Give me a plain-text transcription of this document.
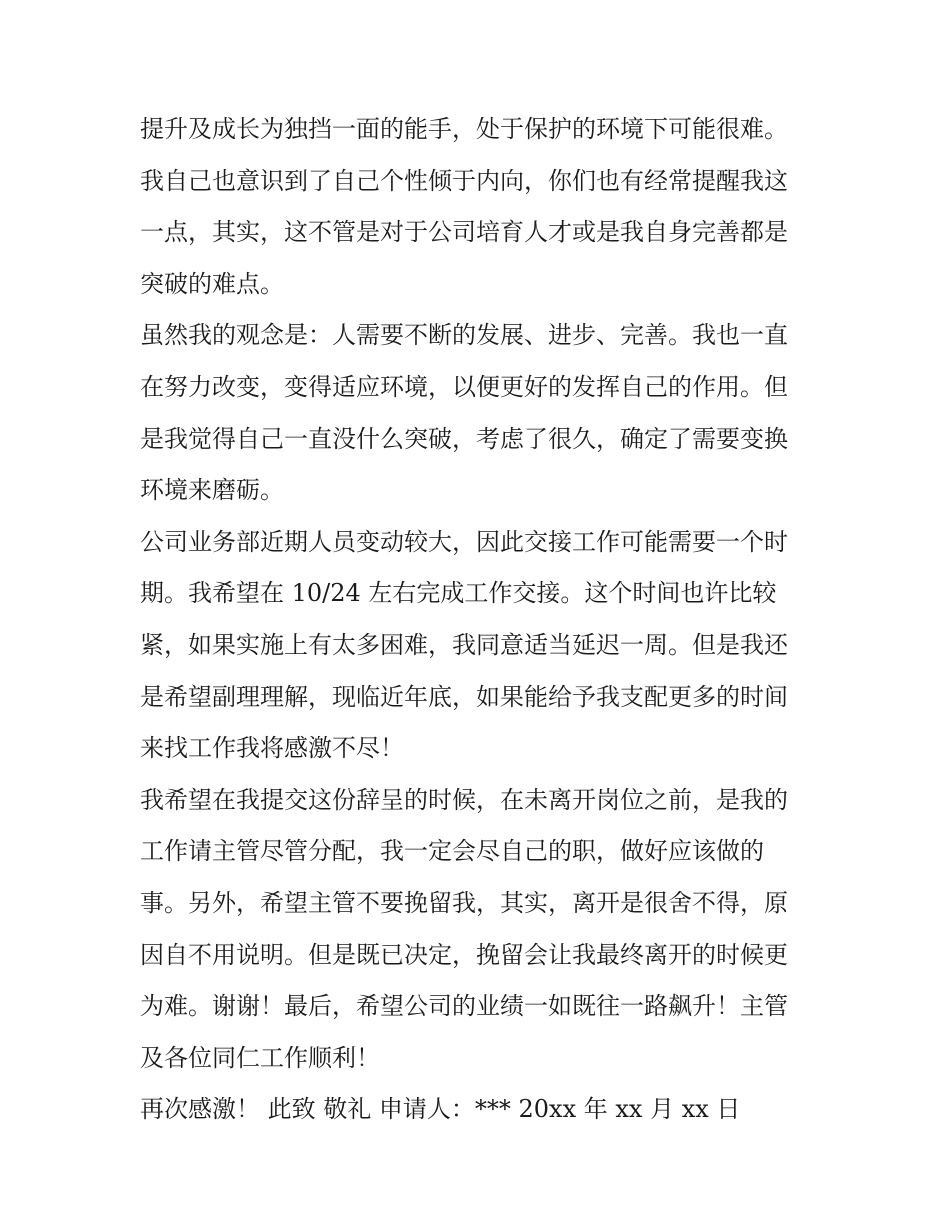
提升及成长为独挡一面的能手，处于保护的环境下可能很难。
我自己也意识到了自己个性倾于内向，你们也有经常提醒我这
一点，其实，这不管是对于公司培育人才或是我自身完善都是
突破的难点。
虽然我的观念是：人需要不断的发展、进步、完善。我也一直
在努力改变，变得适应环境，以便更好的发挥自己的作用。但
是我觉得自己一直没什么突破，考虑了很久，确定了需要变换
环境来磨砺。
公司业务部近期人员变动较大，因此交接工作可能需要一个时
期。我希望在 10/24 左右完成工作交接。这个时间也许比较
紧，如果实施上有太多困难，我同意适当延迟一周。但是我还
是希望副理理解，现临近年底，如果能给予我支配更多的时间
来找工作我将感激不尽！
我希望在我提交这份辞呈的时候，在未离开岗位之前，是我的
工作请主管尽管分配，我一定会尽自己的职，做好应该做的
事。另外，希望主管不要挽留我，其实，离开是很舍不得，原
因自不用说明。但是既已决定，挽留会让我最终离开的时候更
为难。谢谢！最后，希望公司的业绩一如既往一路飙升！主管
及各位同仁工作顺利！
再次感激！ 此致 敬礼 申请人：*** 20xx 年 xx 月 xx 日
